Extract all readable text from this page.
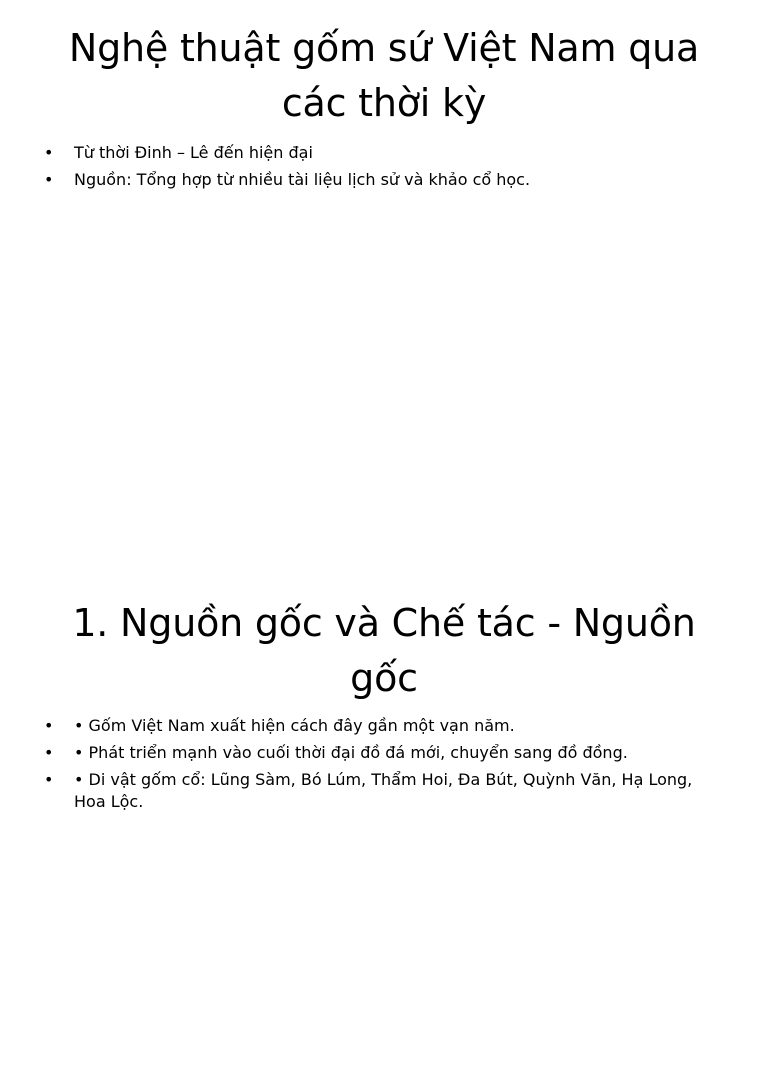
Nghệ thuật gốm sứ Việt Nam qua các thời kỳ
• Từ thời Đinh – Lê đến hiện đại
• Nguồn: Tổng hợp từ nhiều tài liệu lịch sử và khảo cổ học.
1. Nguồn gốc và Chế tác - Nguồn gốc
• • Gốm Việt Nam xuất hiện cách đây gần một vạn năm.
• • Phát triển mạnh vào cuối thời đại đồ đá mới, chuyển sang đồ đồng.
• • Di vật gốm cổ: Lũng Sàm, Bó Lúm, Thẩm Hoi, Đa Bút, Quỳnh Văn, Hạ Long, Hoa Lộc.
